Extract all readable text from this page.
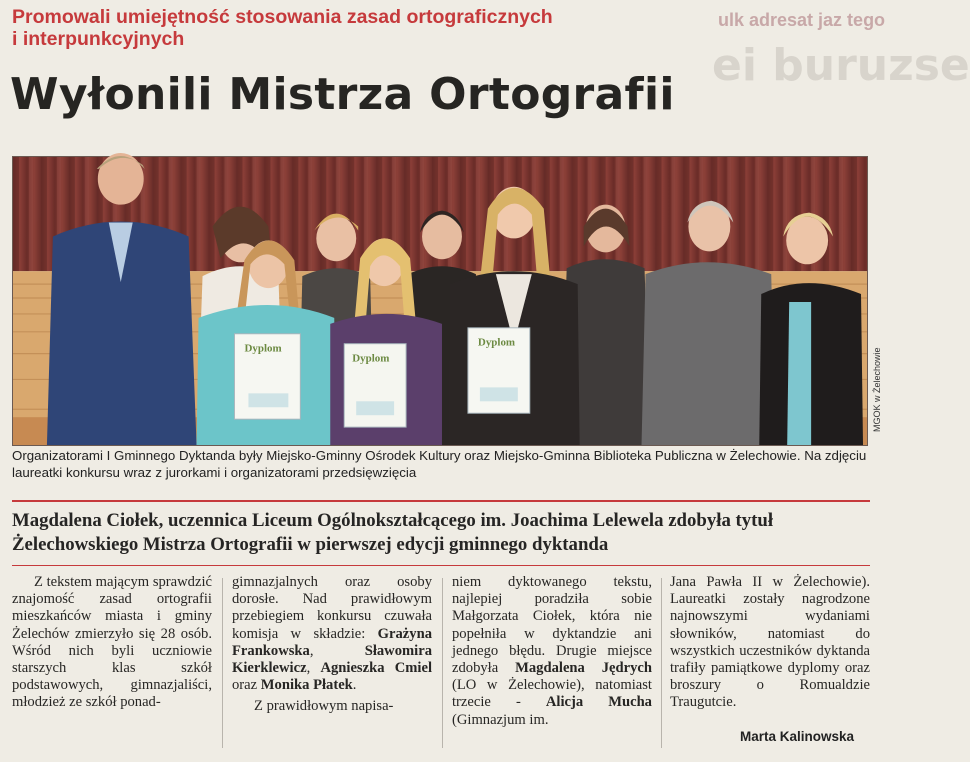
ulk adresat jaz tego
ei buruzse
Promowali umiejętność stosowania zasad ortograficznych
i interpunkcyjnych
Wyłonili Mistrza Ortografii
Dyplom
Dyplom
Dyplom
MGOK w Żelechowie

Organizatorami I Gminnego Dyktanda były Miejsko-Gminny Ośrodek Kultury oraz Miejsko-Gminna Biblioteka Publiczna w Żelechowie. Na zdjęciu laureatki konkursu wraz z jurorkami i organizatorami przedsięwzięcia

Magdalena Ciołek, uczennica Liceum Ogólnokształcącego im. Joachima Lelewela zdobyła tytuł Żelechowskiego Mistrza Ortografii w pierwszej edycji gminnego dyktanda

Z tekstem mającym sprawdzić znajomość zasad ortografii mieszkańców miasta i gminy Żelechów zmierzyło się 28 osób. Wśród nich byli uczniowie starszych klas szkół podstawowych, gimnazjaliści, młodzież ze szkół ponad-
gimnazjalnych oraz osoby dorosłe. Nad prawidłowym przebiegiem konkursu czuwała komisja w składzie: Grażyna Frankowska, Sławomira Kierklewicz, Agnieszka Cmiel oraz Monika Płatek.
Z prawidłowym napisa-
niem dyktowanego tekstu, najlepiej poradziła sobie Małgorzata Ciołek, która nie popełniła w dyktandzie ani jednego błędu. Drugie miejsce zdobyła Magdalena Jędrych (LO w Żelechowie), natomiast trzecie - Alicja Mucha (Gimnazjum im.
Jana Pawła II w Żelechowie). Laureatki zostały nagrodzone najnowszymi wydaniami słowników, natomiast do wszystkich uczestników dyktanda trafiły pamiątkowe dyplomy oraz broszury o Romualdzie Traugutcie.
Marta Kalinowska
